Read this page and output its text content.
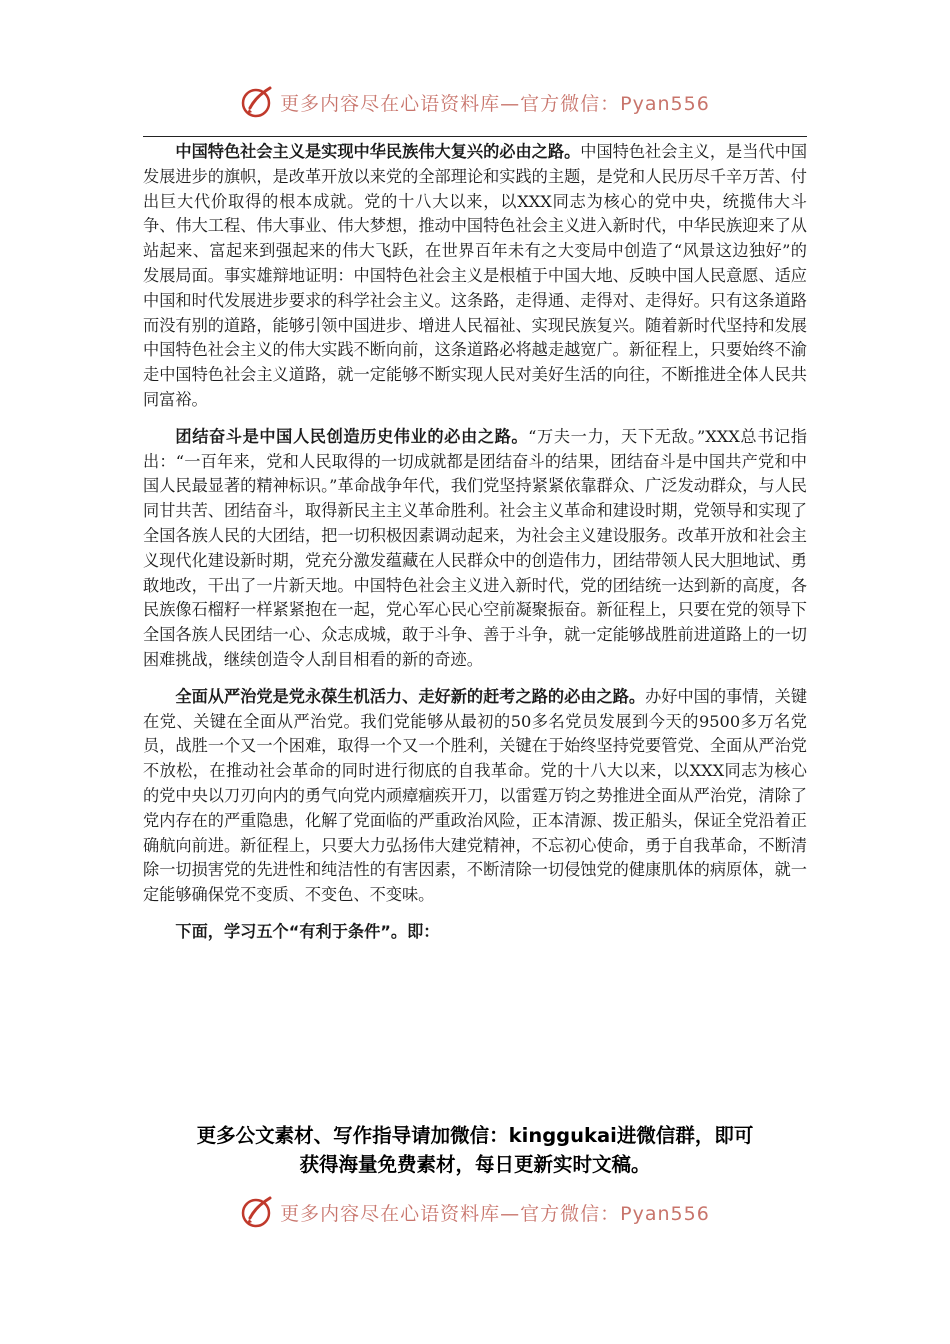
更多内容尽在心语资料库—官方微信：Pyan556

中国特色社会主义是实现中华民族伟大复兴的必由之路。中国特色社会主义，是当代中国发展进步的旗帜，是改革开放以来党的全部理论和实践的主题，是党和人民历尽千辛万苦、付出巨大代价取得的根本成就。党的十八大以来，以XXX同志为核心的党中央，统揽伟大斗争、伟大工程、伟大事业、伟大梦想，推动中国特色社会主义进入新时代，中华民族迎来了从站起来、富起来到强起来的伟大飞跃，在世界百年未有之大变局中创造了“风景这边独好”的发展局面。事实雄辩地证明：中国特色社会主义是根植于中国大地、反映中国人民意愿、适应中国和时代发展进步要求的科学社会主义。这条路，走得通、走得对、走得好。只有这条道路而没有别的道路，能够引领中国进步、增进人民福祉、实现民族复兴。随着新时代坚持和发展中国特色社会主义的伟大实践不断向前，这条道路必将越走越宽广。新征程上，只要始终不渝走中国特色社会主义道路，就一定能够不断实现人民对美好生活的向往，不断推进全体人民共同富裕。

团结奋斗是中国人民创造历史伟业的必由之路。“万夫一力，天下无敌。”XXX总书记指出：“一百年来，党和人民取得的一切成就都是团结奋斗的结果，团结奋斗是中国共产党和中国人民最显著的精神标识。”革命战争年代，我们党坚持紧紧依靠群众、广泛发动群众，与人民同甘共苦、团结奋斗，取得新民主主义革命胜利。社会主义革命和建设时期，党领导和实现了全国各族人民的大团结，把一切积极因素调动起来，为社会主义建设服务。改革开放和社会主义现代化建设新时期，党充分激发蕴藏在人民群众中的创造伟力，团结带领人民大胆地试、勇敢地改，干出了一片新天地。中国特色社会主义进入新时代，党的团结统一达到新的高度，各民族像石榴籽一样紧紧抱在一起，党心军心民心空前凝聚振奋。新征程上，只要在党的领导下全国各族人民团结一心、众志成城，敢于斗争、善于斗争，就一定能够战胜前进道路上的一切困难挑战，继续创造令人刮目相看的新的奇迹。

全面从严治党是党永葆生机活力、走好新的赶考之路的必由之路。办好中国的事情，关键在党、关键在全面从严治党。我们党能够从最初的50多名党员发展到今天的9500多万名党员，战胜一个又一个困难，取得一个又一个胜利，关键在于始终坚持党要管党、全面从严治党不放松，在推动社会革命的同时进行彻底的自我革命。党的十八大以来，以XXX同志为核心的党中央以刀刃向内的勇气向党内顽瘴痼疾开刀，以雷霆万钧之势推进全面从严治党，清除了党内存在的严重隐患，化解了党面临的严重政治风险，正本清源、拨正船头，保证全党沿着正确航向前进。新征程上，只要大力弘扬伟大建党精神，不忘初心使命，勇于自我革命，不断清除一切损害党的先进性和纯洁性的有害因素，不断清除一切侵蚀党的健康肌体的病原体，就一定能够确保党不变质、不变色、不变味。

下面，学习五个“有利于条件”。即：

更多公文素材、写作指导请加微信：kinggukai进微信群，即可
获得海量免费素材，每日更新实时文稿。
更多内容尽在心语资料库—官方微信：Pyan556
